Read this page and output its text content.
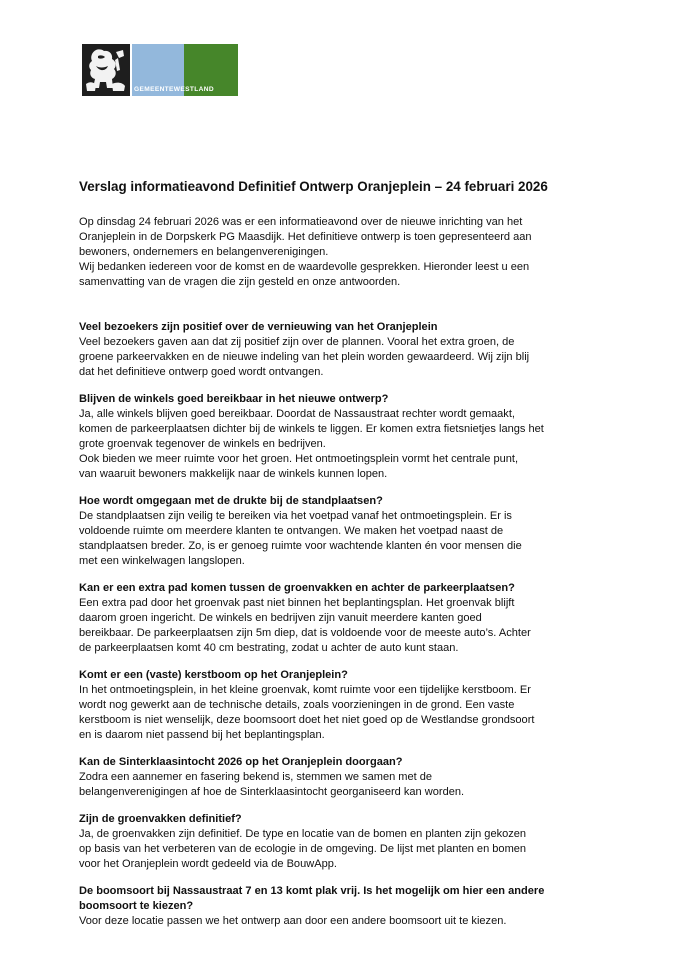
GEMEENTEWESTLAND
Verslag informatieavond Definitief Ontwerp Oranjeplein – 24 februari 2026
Op dinsdag 24 februari 2026 was er een informatieavond over de nieuwe inrichting van het
Oranjeplein in de Dorpskerk PG Maasdijk. Het definitieve ontwerp is toen gepresenteerd aan
bewoners, ondernemers en belangenverenigingen.
Wij bedanken iedereen voor de komst en de waardevolle gesprekken. Hieronder leest u een
samenvatting van de vragen die zijn gesteld en onze antwoorden.

Veel bezoekers zijn positief over de vernieuwing van het Oranjeplein

Veel bezoekers gaven aan dat zij positief zijn over de plannen. Vooral het extra groen, de
groene parkeervakken en de nieuwe indeling van het plein worden gewaardeerd. Wij zijn blij
dat het definitieve ontwerp goed wordt ontvangen.

Blijven de winkels goed bereikbaar in het nieuwe ontwerp?

Ja, alle winkels blijven goed bereikbaar. Doordat de Nassaustraat rechter wordt gemaakt,
komen de parkeerplaatsen dichter bij de winkels te liggen. Er komen extra fietsnietjes langs het
grote groenvak tegenover de winkels en bedrijven.
Ook bieden we meer ruimte voor het groen. Het ontmoetingsplein vormt het centrale punt,
van waaruit bewoners makkelijk naar de winkels kunnen lopen.

Hoe wordt omgegaan met de drukte bij de standplaatsen?

De standplaatsen zijn veilig te bereiken via het voetpad vanaf het ontmoetingsplein. Er is
voldoende ruimte om meerdere klanten te ontvangen. We maken het voetpad naast de
standplaatsen breder. Zo, is er genoeg ruimte voor wachtende klanten én voor mensen die
met een winkelwagen langslopen.

Kan er een extra pad komen tussen de groenvakken en achter de parkeerplaatsen?

Een extra pad door het groenvak past niet binnen het beplantingsplan. Het groenvak blijft
daarom groen ingericht. De winkels en bedrijven zijn vanuit meerdere kanten goed
bereikbaar. De parkeerplaatsen zijn 5m diep, dat is voldoende voor de meeste auto’s. Achter
de parkeerplaatsen komt 40 cm bestrating, zodat u achter de auto kunt staan.

Komt er een (vaste) kerstboom op het Oranjeplein?

In het ontmoetingsplein, in het kleine groenvak, komt ruimte voor een tijdelijke kerstboom. Er
wordt nog gewerkt aan de technische details, zoals voorzieningen in de grond. Een vaste
kerstboom is niet wenselijk, deze boomsoort doet het niet goed op de Westlandse grondsoort
en is daarom niet passend bij het beplantingsplan.

Kan de Sinterklaasintocht 2026 op het Oranjeplein doorgaan?

Zodra een aannemer en fasering bekend is, stemmen we samen met de
belangenverenigingen af hoe de Sinterklaasintocht georganiseerd kan worden.

Zijn de groenvakken definitief?

Ja, de groenvakken zijn definitief. De type en locatie van de bomen en planten zijn gekozen
op basis van het verbeteren van de ecologie in de omgeving. De lijst met planten en bomen
voor het Oranjeplein wordt gedeeld via de BouwApp.

De boomsoort bij Nassaustraat 7 en 13 komt plak vrij. Is het mogelijk om hier een andere
boomsoort te kiezen?

Voor deze locatie passen we het ontwerp aan door een andere boomsoort uit te kiezen.
